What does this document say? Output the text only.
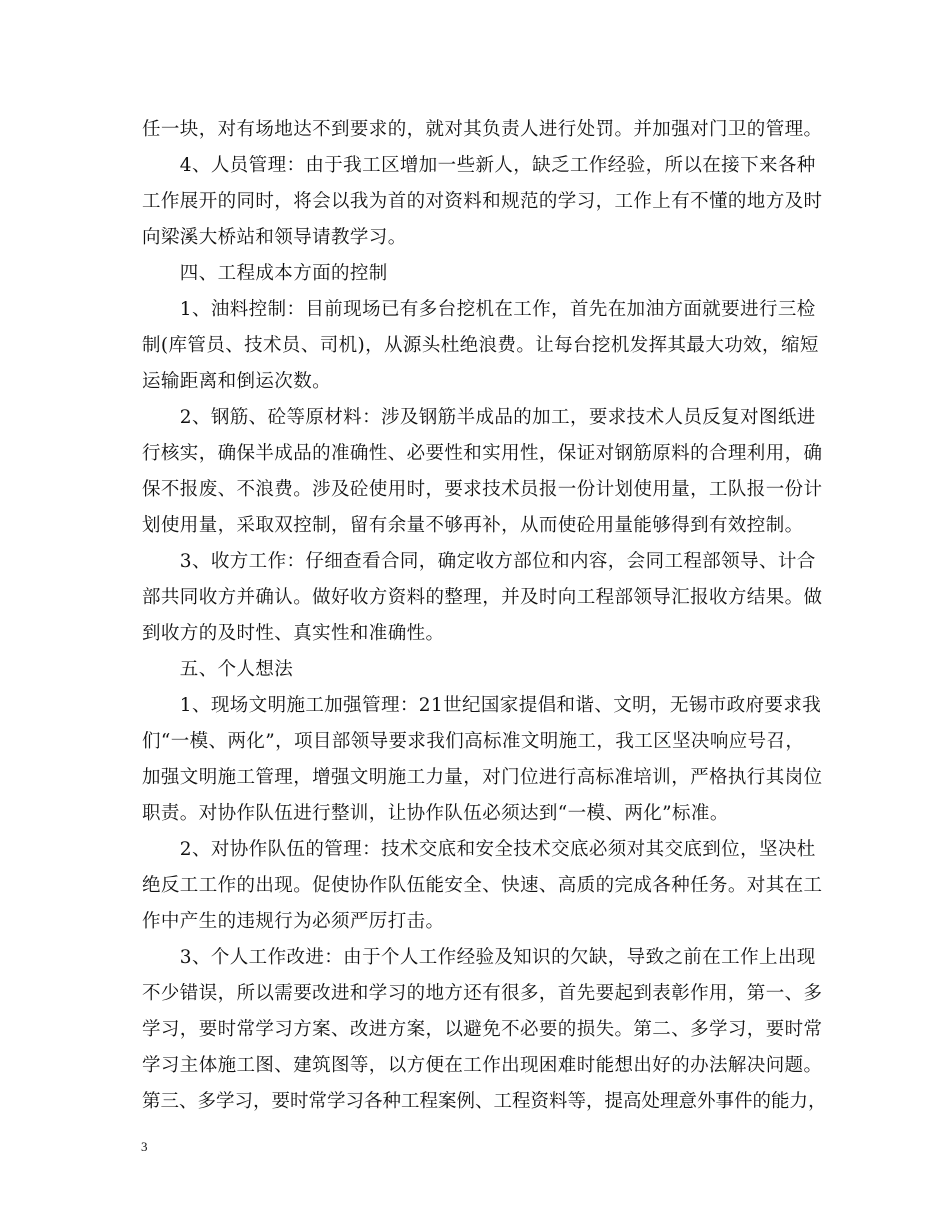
任一块，对有场地达不到要求的，就对其负责人进行处罚。并加强对门卫的管理。
　　4、人员管理：由于我工区增加一些新人，缺乏工作经验，所以在接下来各种
工作展开的同时，将会以我为首的对资料和规范的学习，工作上有不懂的地方及时
向梁溪大桥站和领导请教学习。
　　四、工程成本方面的控制
　　1、油料控制：目前现场已有多台挖机在工作，首先在加油方面就要进行三检
制(库管员、技术员、司机)，从源头杜绝浪费。让每台挖机发挥其最大功效，缩短
运输距离和倒运次数。
　　2、钢筋、砼等原材料：涉及钢筋半成品的加工，要求技术人员反复对图纸进
行核实，确保半成品的准确性、必要性和实用性，保证对钢筋原料的合理利用，确
保不报废、不浪费。涉及砼使用时，要求技术员报一份计划使用量，工队报一份计
划使用量，采取双控制，留有余量不够再补，从而使砼用量能够得到有效控制。
　　3、收方工作：仔细查看合同，确定收方部位和内容，会同工程部领导、计合
部共同收方并确认。做好收方资料的整理，并及时向工程部领导汇报收方结果。做
到收方的及时性、真实性和准确性。
　　五、个人想法
　　1、现场文明施工加强管理：21世纪国家提倡和谐、文明，无锡市政府要求我
们“一模、两化”，项目部领导要求我们高标准文明施工，我工区坚决响应号召，
加强文明施工管理，增强文明施工力量，对门位进行高标准培训，严格执行其岗位
职责。对协作队伍进行整训，让协作队伍必须达到“一模、两化”标准。
　　2、对协作队伍的管理：技术交底和安全技术交底必须对其交底到位，坚决杜
绝反工工作的出现。促使协作队伍能安全、快速、高质的完成各种任务。对其在工
作中产生的违规行为必须严厉打击。
　　3、个人工作改进：由于个人工作经验及知识的欠缺，导致之前在工作上出现
不少错误，所以需要改进和学习的地方还有很多，首先要起到表彰作用，第一、多
学习，要时常学习方案、改进方案，以避免不必要的损失。第二、多学习，要时常
学习主体施工图、建筑图等，以方便在工作出现困难时能想出好的办法解决问题。
第三、多学习，要时常学习各种工程案例、工程资料等，提高处理意外事件的能力，
3
